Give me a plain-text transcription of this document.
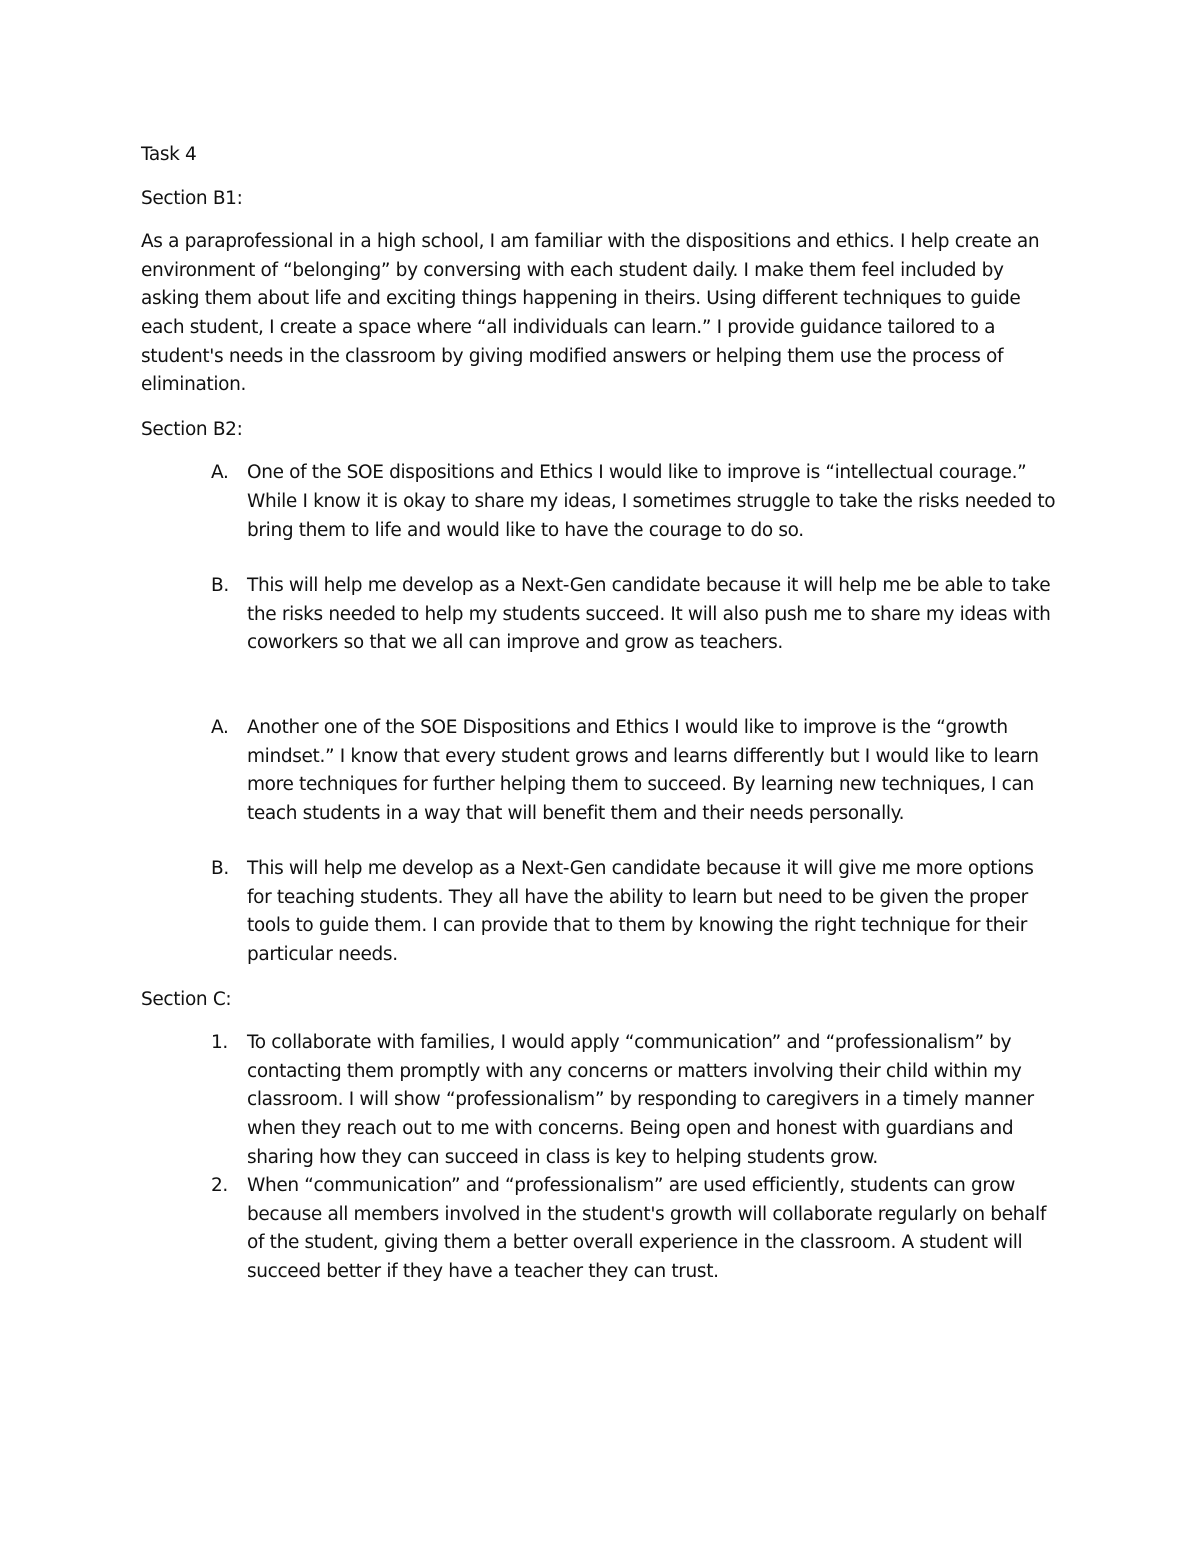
Task 4

Section B1:

As a paraprofessional in a high school, I am familiar with the dispositions and ethics. I help create an environment of “belonging” by conversing with each student daily. I make them feel included by asking them about life and exciting things happening in theirs. Using different techniques to guide each student, I create a space where “all individuals can learn.” I provide guidance tailored to a student's needs in the classroom by giving modified answers or helping them use the process of elimination.

Section B2:

A. One of the SOE dispositions and Ethics I would like to improve is “intellectual courage.” While I know it is okay to share my ideas, I sometimes struggle to take the risks needed to bring them to life and would like to have the courage to do so.
B. This will help me develop as a Next-Gen candidate because it will help me be able to take the risks needed to help my students succeed. It will also push me to share my ideas with coworkers so that we all can improve and grow as teachers.
A. Another one of the SOE Dispositions and Ethics I would like to improve is the “growth mindset.” I know that every student grows and learns differently but I would like to learn more techniques for further helping them to succeed. By learning new techniques, I can teach students in a way that will benefit them and their needs personally.
B. This will help me develop as a Next-Gen candidate because it will give me more options for teaching students. They all have the ability to learn but need to be given the proper tools to guide them. I can provide that to them by knowing the right technique for their particular needs.

Section C:

1. To collaborate with families, I would apply “communication” and “professionalism” by contacting them promptly with any concerns or matters involving their child within my classroom. I will show “professionalism” by responding to caregivers in a timely manner when they reach out to me with concerns. Being open and honest with guardians and sharing how they can succeed in class is key to helping students grow.
2. When “communication” and “professionalism” are used efficiently, students can grow because all members involved in the student's growth will collaborate regularly on behalf of the student, giving them a better overall experience in the classroom. A student will succeed better if they have a teacher they can trust.
